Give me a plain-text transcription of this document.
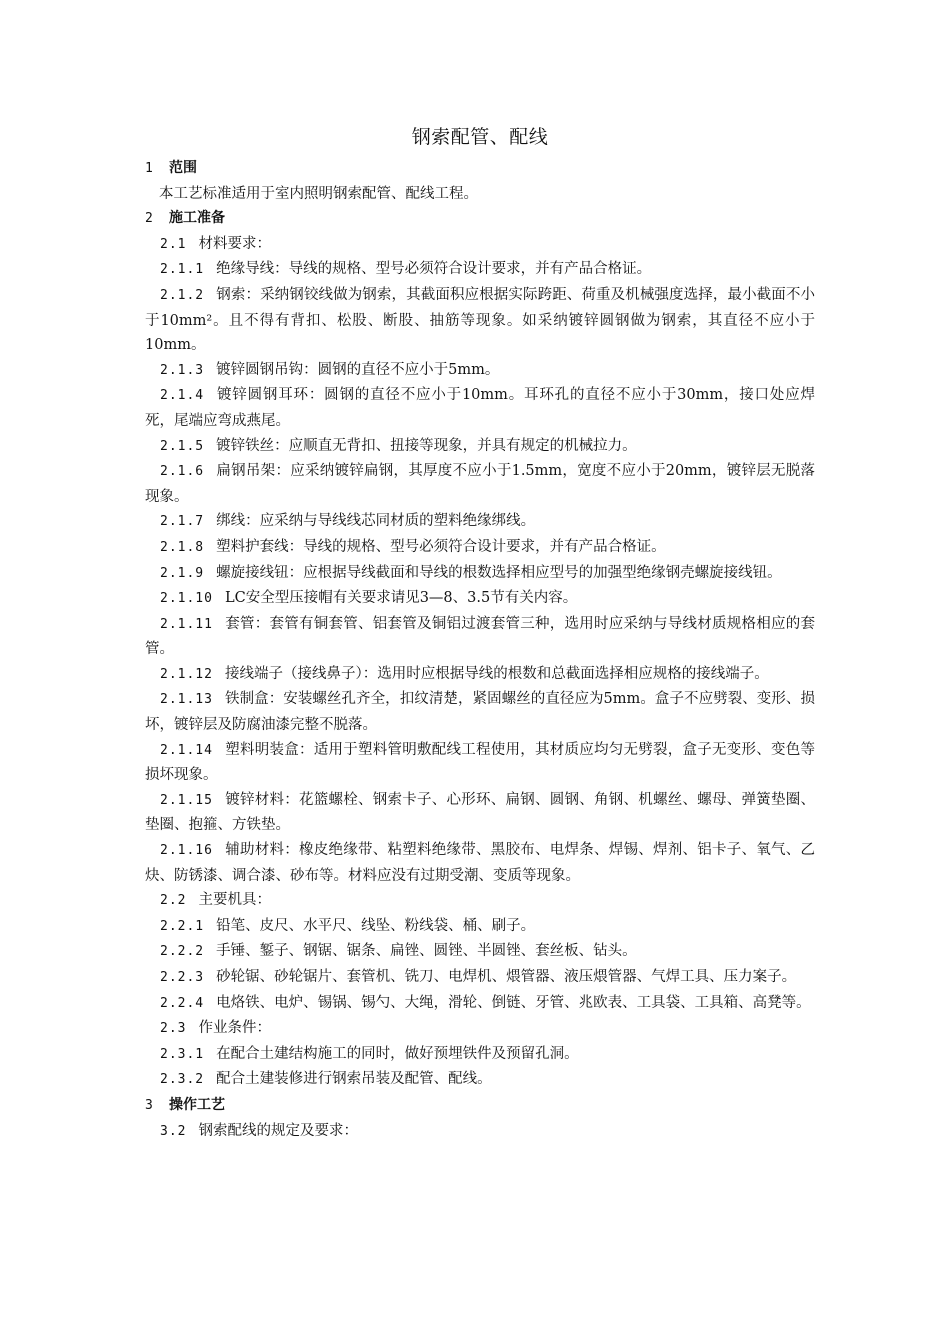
钢索配管、配线
1 范围
本工艺标准适用于室内照明钢索配管、配线工程。
2 施工准备
2.1 材料要求：
2.1.1 绝缘导线：导线的规格、型号必须符合设计要求，并有产品合格证。
2.1.2 钢索：采纳钢铰线做为钢索，其截面积应根据实际跨距、荷重及机械强度选择，最小截面不小于10mm²。且不得有背扣、松股、断股、抽筋等现象。如采纳镀锌圆钢做为钢索，其直径不应小于10mm。
2.1.3 镀锌圆钢吊钩：圆钢的直径不应小于5mm。
2.1.4 镀锌圆钢耳环：圆钢的直径不应小于10mm。耳环孔的直径不应小于30mm，接口处应焊死，尾端应弯成燕尾。
2.1.5 镀锌铁丝：应顺直无背扣、扭接等现象，并具有规定的机械拉力。
2.1.6 扁钢吊架：应采纳镀锌扁钢，其厚度不应小于1.5mm，宽度不应小于20mm，镀锌层无脱落现象。
2.1.7 绑线：应采纳与导线线芯同材质的塑料绝缘绑线。
2.1.8 塑料护套线：导线的规格、型号必须符合设计要求，并有产品合格证。
2.1.9 螺旋接线钮：应根据导线截面和导线的根数选择相应型号的加强型绝缘钢壳螺旋接线钮。
2.1.10 LC安全型压接帽有关要求请见3—8、3.5节有关内容。
2.1.11 套管：套管有铜套管、铝套管及铜铝过渡套管三种，选用时应采纳与导线材质规格相应的套管。
2.1.12 接线端子（接线鼻子）：选用时应根据导线的根数和总截面选择相应规格的接线端子。
2.1.13 铁制盒：安装螺丝孔齐全，扣纹清楚，紧固螺丝的直径应为5mm。盒子不应劈裂、变形、损坏，镀锌层及防腐油漆完整不脱落。
2.1.14 塑料明装盒：适用于塑料管明敷配线工程使用，其材质应均匀无劈裂，盒子无变形、变色等损坏现象。
2.1.15 镀锌材料：花篮螺栓、钢索卡子、心形环、扁钢、圆钢、角钢、机螺丝、螺母、弹簧垫圈、垫圈、抱箍、方铁垫。
2.1.16 辅助材料：橡皮绝缘带、粘塑料绝缘带、黑胶布、电焊条、焊锡、焊剂、铝卡子、氧气、乙炔、防锈漆、调合漆、砂布等。材料应没有过期受潮、变质等现象。
2.2 主要机具：
2.2.1 铅笔、皮尺、水平尺、线坠、粉线袋、桶、刷子。
2.2.2 手锤、錾子、钢锯、锯条、扁锉、圆锉、半圆锉、套丝板、钻头。
2.2.3 砂轮锯、砂轮锯片、套管机、铣刀、电焊机、煨管器、液压煨管器、气焊工具、压力案子。
2.2.4 电烙铁、电炉、锡锅、锡勺、大绳，滑轮、倒链、牙管、兆欧表、工具袋、工具箱、高凳等。
2.3 作业条件：
2.3.1 在配合土建结构施工的同时，做好预埋铁件及预留孔洞。
2.3.2 配合土建装修进行钢索吊装及配管、配线。
3 操作工艺
3.2 钢索配线的规定及要求：
